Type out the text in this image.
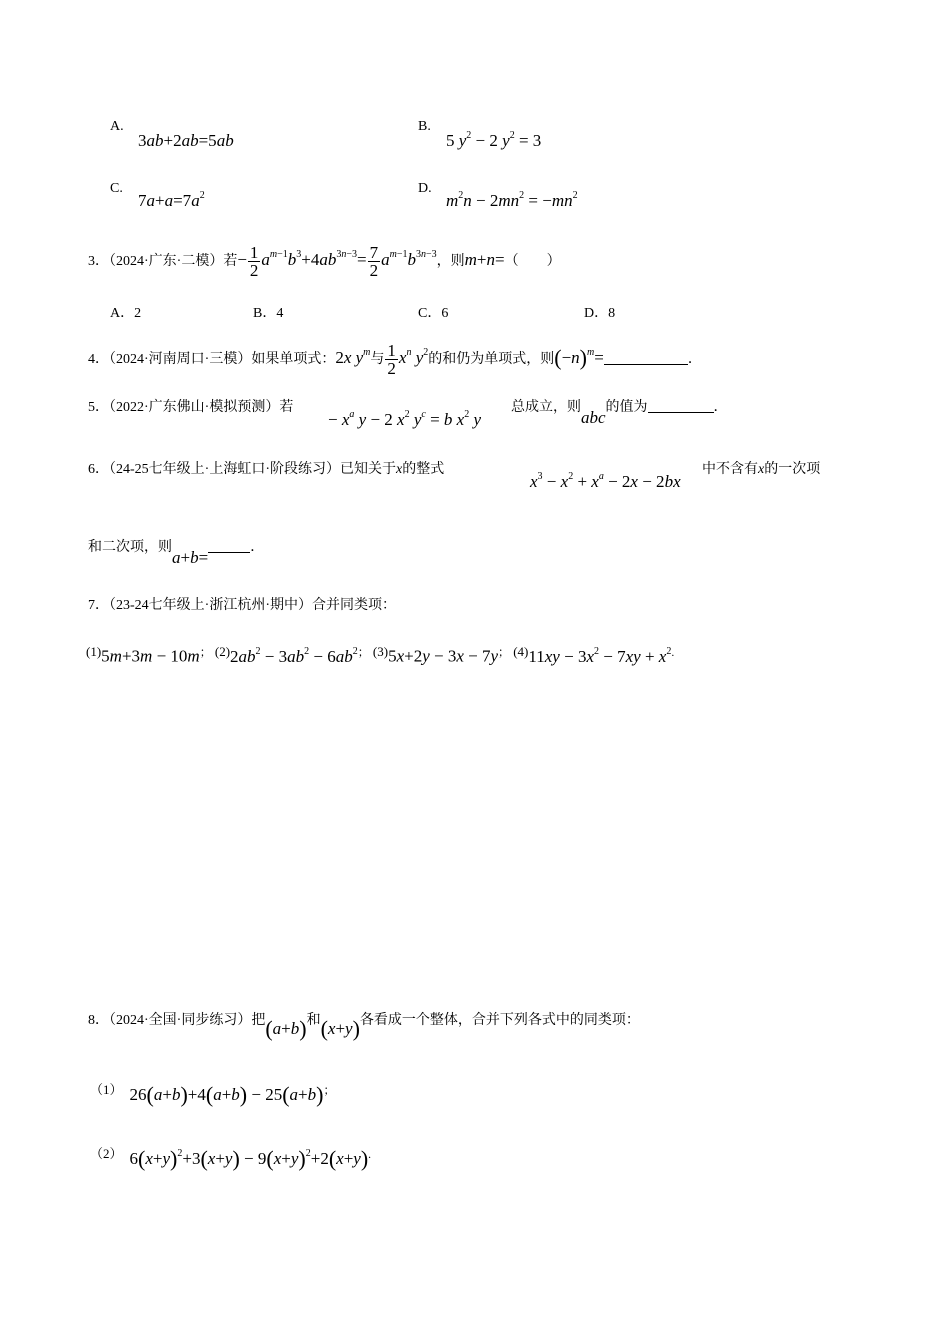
A.
3ab+2ab=5ab
B.
5 $y^2 - 2$ $y^2 = 3$
C.
$7a+a=7a^2$	D.
$m^2n - 2mn^2 = -mn^2$
3．（2024·广东·二模）若− $\frac{1}{2} a^{m-1}b^3+4ab^{3n-3}= \frac{7}{2} a^{m-1}b^{3n-3}$，则m+n=（　　）
A．2	B．4	C．6	D．8
4．（2024·河南周口·三模）如果单项式：2x $y^m$与 $\frac{1}{2} x^n$ $y^2$的和仍为单项式，则$(-n)^m=$	．
5．（2022·广东佛山·模拟预测）若
− $x^a$ y − 2 $x^2$ $y^c = b$ $x^2$ y
总成立，则abc的值为	．
6．（24-25七年级上·上海虹口·阶段练习）已知关于x的整式
$x^3 - x^2 + x^a - 2x - 2bx$
中不含有x的一次项
和二次项，则a+b=．
7．（23-24七年级上·浙江杭州·期中）合并同类项：
$^{(1)}$5m+3m − 10m； $^{(2)}2ab^2 - 3ab^2 - 6ab^{2;}$ $^{(3)}$5x+2y − 3x − 7y； $^{(4)}11xy - 3x^2 - 7xy + x^{2.}$
8．（2024·全国·同步练习）把(a+b)和(x+y)各看成一个整体，合并下列各式中的同类项：
$^{(1)}$ 26(a+b)+4(a+b) − 25(a+b)；
$^{(2)}$ $6(x+y)^2+3(x+y) - 9(x+y)^2+2(x+y)^.$
